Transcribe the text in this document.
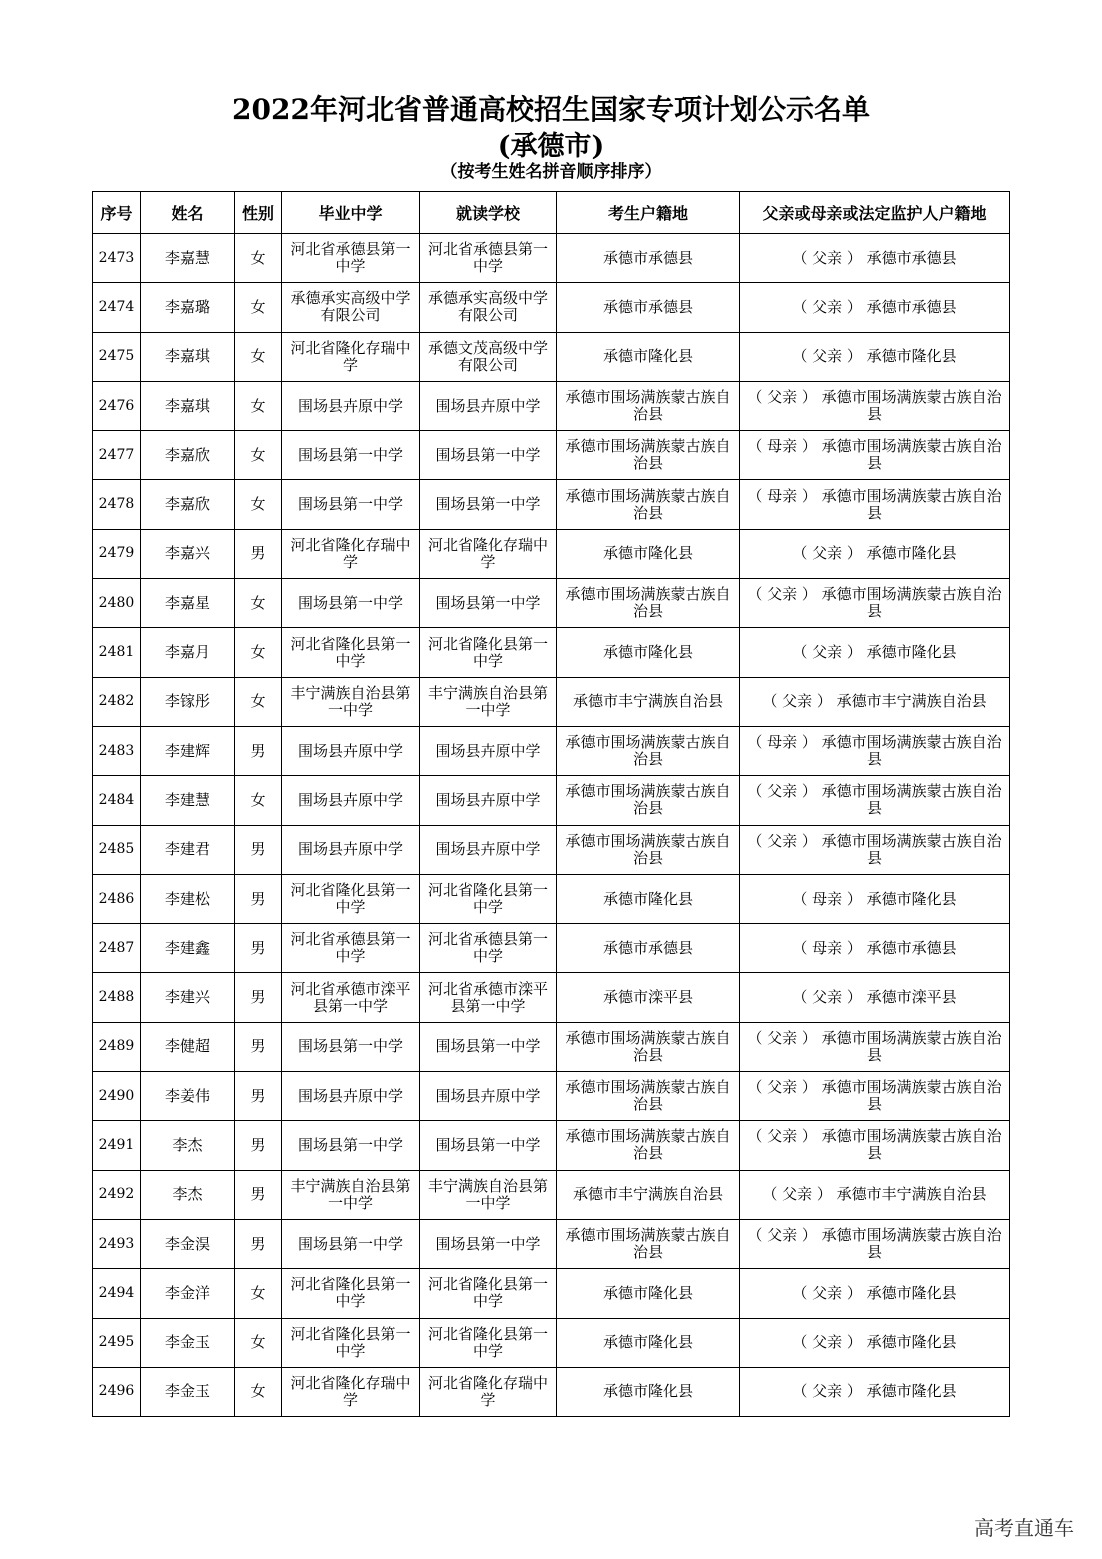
2022年河北省普通高校招生国家专项计划公示名单
(承德市)
（按考生姓名拼音顺序排序）
序号	姓名	性别	毕业中学	就读学校	考生户籍地	父亲或母亲或法定监护人户籍地
2473	李嘉慧	女	河北省承德县第一中学	河北省承德县第一中学	承德市承德县	（ 父亲 ） 承德市承德县
2474	李嘉璐	女	承德承实高级中学有限公司	承德承实高级中学有限公司	承德市承德县	（ 父亲 ） 承德市承德县
2475	李嘉琪	女	河北省隆化存瑞中学	承德文茂高级中学有限公司	承德市隆化县	（ 父亲 ） 承德市隆化县
2476	李嘉琪	女	围场县卉原中学	围场县卉原中学	承德市围场满族蒙古族自治县	（ 父亲 ） 承德市围场满族蒙古族自治县
2477	李嘉欣	女	围场县第一中学	围场县第一中学	承德市围场满族蒙古族自治县	（ 母亲 ） 承德市围场满族蒙古族自治县
2478	李嘉欣	女	围场县第一中学	围场县第一中学	承德市围场满族蒙古族自治县	（ 母亲 ） 承德市围场满族蒙古族自治县
2479	李嘉兴	男	河北省隆化存瑞中学	河北省隆化存瑞中学	承德市隆化县	（ 父亲 ） 承德市隆化县
2480	李嘉星	女	围场县第一中学	围场县第一中学	承德市围场满族蒙古族自治县	（ 父亲 ） 承德市围场满族蒙古族自治县
2481	李嘉月	女	河北省隆化县第一中学	河北省隆化县第一中学	承德市隆化县	（ 父亲 ） 承德市隆化县
2482	李镓彤	女	丰宁满族自治县第一中学	丰宁满族自治县第一中学	承德市丰宁满族自治县	（ 父亲 ） 承德市丰宁满族自治县
2483	李建辉	男	围场县卉原中学	围场县卉原中学	承德市围场满族蒙古族自治县	（ 母亲 ） 承德市围场满族蒙古族自治县
2484	李建慧	女	围场县卉原中学	围场县卉原中学	承德市围场满族蒙古族自治县	（ 父亲 ） 承德市围场满族蒙古族自治县
2485	李建君	男	围场县卉原中学	围场县卉原中学	承德市围场满族蒙古族自治县	（ 父亲 ） 承德市围场满族蒙古族自治县
2486	李建松	男	河北省隆化县第一中学	河北省隆化县第一中学	承德市隆化县	（ 母亲 ） 承德市隆化县
2487	李建鑫	男	河北省承德县第一中学	河北省承德县第一中学	承德市承德县	（ 母亲 ） 承德市承德县
2488	李建兴	男	河北省承德市滦平县第一中学	河北省承德市滦平县第一中学	承德市滦平县	（ 父亲 ） 承德市滦平县
2489	李健超	男	围场县第一中学	围场县第一中学	承德市围场满族蒙古族自治县	（ 父亲 ） 承德市围场满族蒙古族自治县
2490	李姜伟	男	围场县卉原中学	围场县卉原中学	承德市围场满族蒙古族自治县	（ 父亲 ） 承德市围场满族蒙古族自治县
2491	李杰	男	围场县第一中学	围场县第一中学	承德市围场满族蒙古族自治县	（ 父亲 ） 承德市围场满族蒙古族自治县
2492	李杰	男	丰宁满族自治县第一中学	丰宁满族自治县第一中学	承德市丰宁满族自治县	（ 父亲 ） 承德市丰宁满族自治县
2493	李金淏	男	围场县第一中学	围场县第一中学	承德市围场满族蒙古族自治县	（ 父亲 ） 承德市围场满族蒙古族自治县
2494	李金洋	女	河北省隆化县第一中学	河北省隆化县第一中学	承德市隆化县	（ 父亲 ） 承德市隆化县
2495	李金玉	女	河北省隆化县第一中学	河北省隆化县第一中学	承德市隆化县	（ 父亲 ） 承德市隆化县
2496	李金玉	女	河北省隆化存瑞中学	河北省隆化存瑞中学	承德市隆化县	（ 父亲 ） 承德市隆化县
高考直通车
